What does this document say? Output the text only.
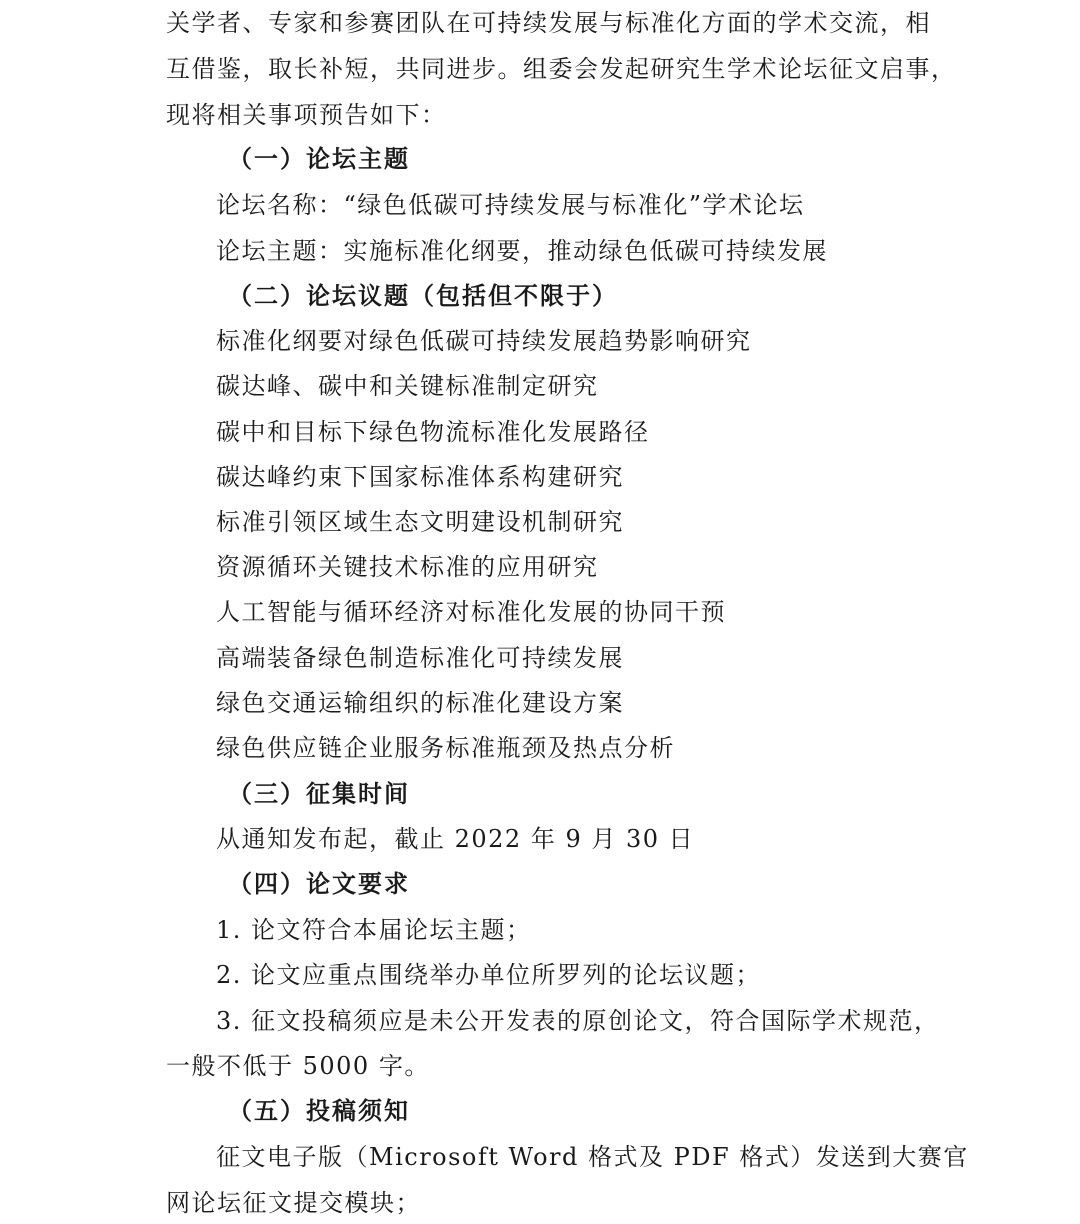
关学者、专家和参赛团队在可持续发展与标准化方面的学术交流，相
互借鉴，取长补短，共同进步。组委会发起研究生学术论坛征文启事，
现将相关事项预告如下：
（一）论坛主题
论坛名称：“绿色低碳可持续发展与标准化”学术论坛
论坛主题：实施标准化纲要，推动绿色低碳可持续发展
（二）论坛议题（包括但不限于）
标准化纲要对绿色低碳可持续发展趋势影响研究
碳达峰、碳中和关键标准制定研究
碳中和目标下绿色物流标准化发展路径
碳达峰约束下国家标准体系构建研究
标准引领区域生态文明建设机制研究
资源循环关键技术标准的应用研究
人工智能与循环经济对标准化发展的协同干预
高端装备绿色制造标准化可持续发展
绿色交通运输组织的标准化建设方案
绿色供应链企业服务标准瓶颈及热点分析
（三）征集时间
从通知发布起，截止 2022 年 9 月 30 日
（四）论文要求
1. 论文符合本届论坛主题；
2. 论文应重点围绕举办单位所罗列的论坛议题；
3. 征文投稿须应是未公开发表的原创论文，符合国际学术规范，
一般不低于 5000 字。
（五）投稿须知
征文电子版（Microsoft Word 格式及 PDF 格式）发送到大赛官
网论坛征文提交模块；
